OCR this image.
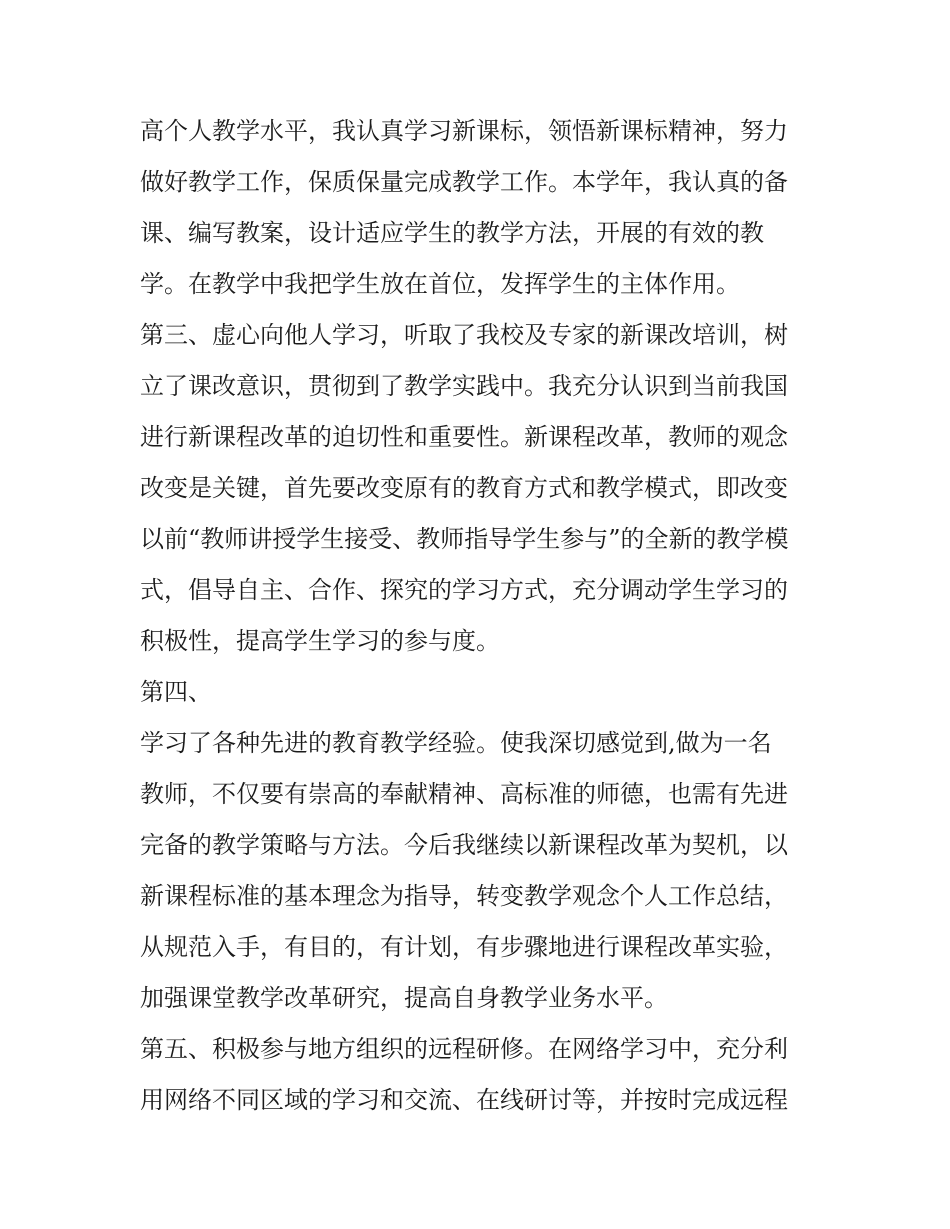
高个人教学水平，我认真学习新课标，领悟新课标精神，努力
做好教学工作，保质保量完成教学工作。本学年，我认真的备
课、编写教案，设计适应学生的教学方法，开展的有效的教
学。在教学中我把学生放在首位，发挥学生的主体作用。
第三、虚心向他人学习，听取了我校及专家的新课改培训，树
立了课改意识，贯彻到了教学实践中。我充分认识到当前我国
进行新课程改革的迫切性和重要性。新课程改革，教师的观念
改变是关键，首先要改变原有的教育方式和教学模式，即改变
以前“教师讲授学生接受、教师指导学生参与”的全新的教学模
式，倡导自主、合作、探究的学习方式，充分调动学生学习的
积极性，提高学生学习的参与度。
第四、
学习了各种先进的教育教学经验。使我深切感觉到,做为一名
教师，不仅要有崇高的奉献精神、高标准的师德，也需有先进
完备的教学策略与方法。今后我继续以新课程改革为契机，以
新课程标准的基本理念为指导，转变教学观念个人工作总结，
从规范入手，有目的，有计划，有步骤地进行课程改革实验，
加强课堂教学改革研究，提高自身教学业务水平。
第五、积极参与地方组织的远程研修。在网络学习中，充分利
用网络不同区域的学习和交流、在线研讨等，并按时完成远程
